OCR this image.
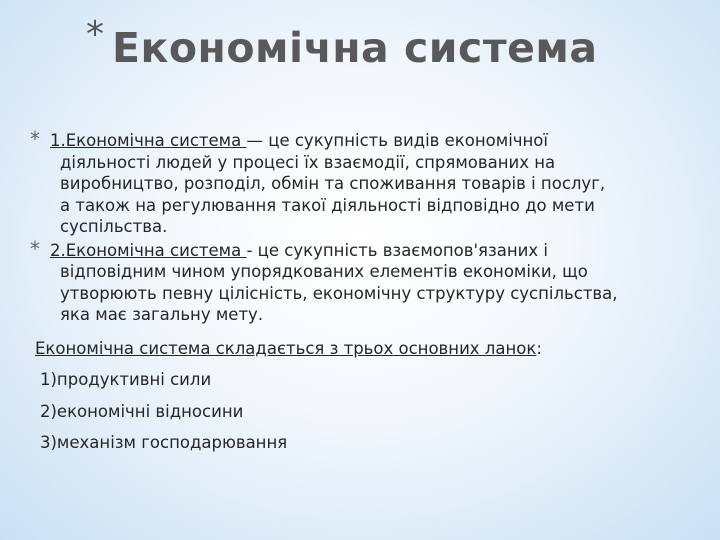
* Економічна система
* 1.Економічна система — це сукупність видів економічної
діяльності людей у процесі їх взаємодії, спрямованих на
виробництво, розподіл, обмін та споживання товарів і послуг,
а також на регулювання такої діяльності відповідно до мети
суспільства.
* 2.Економічна система - це сукупність взаємопов'язаних і
відповідним чином упорядкованих елементів економіки, що
утворюють певну цілісність, економічну структуру суспільства,
яка має загальну мету.

Економічна система складається з трьох основних ланок:

1)продуктивні сили

2)економічні відносини

3)механізм господарювання
